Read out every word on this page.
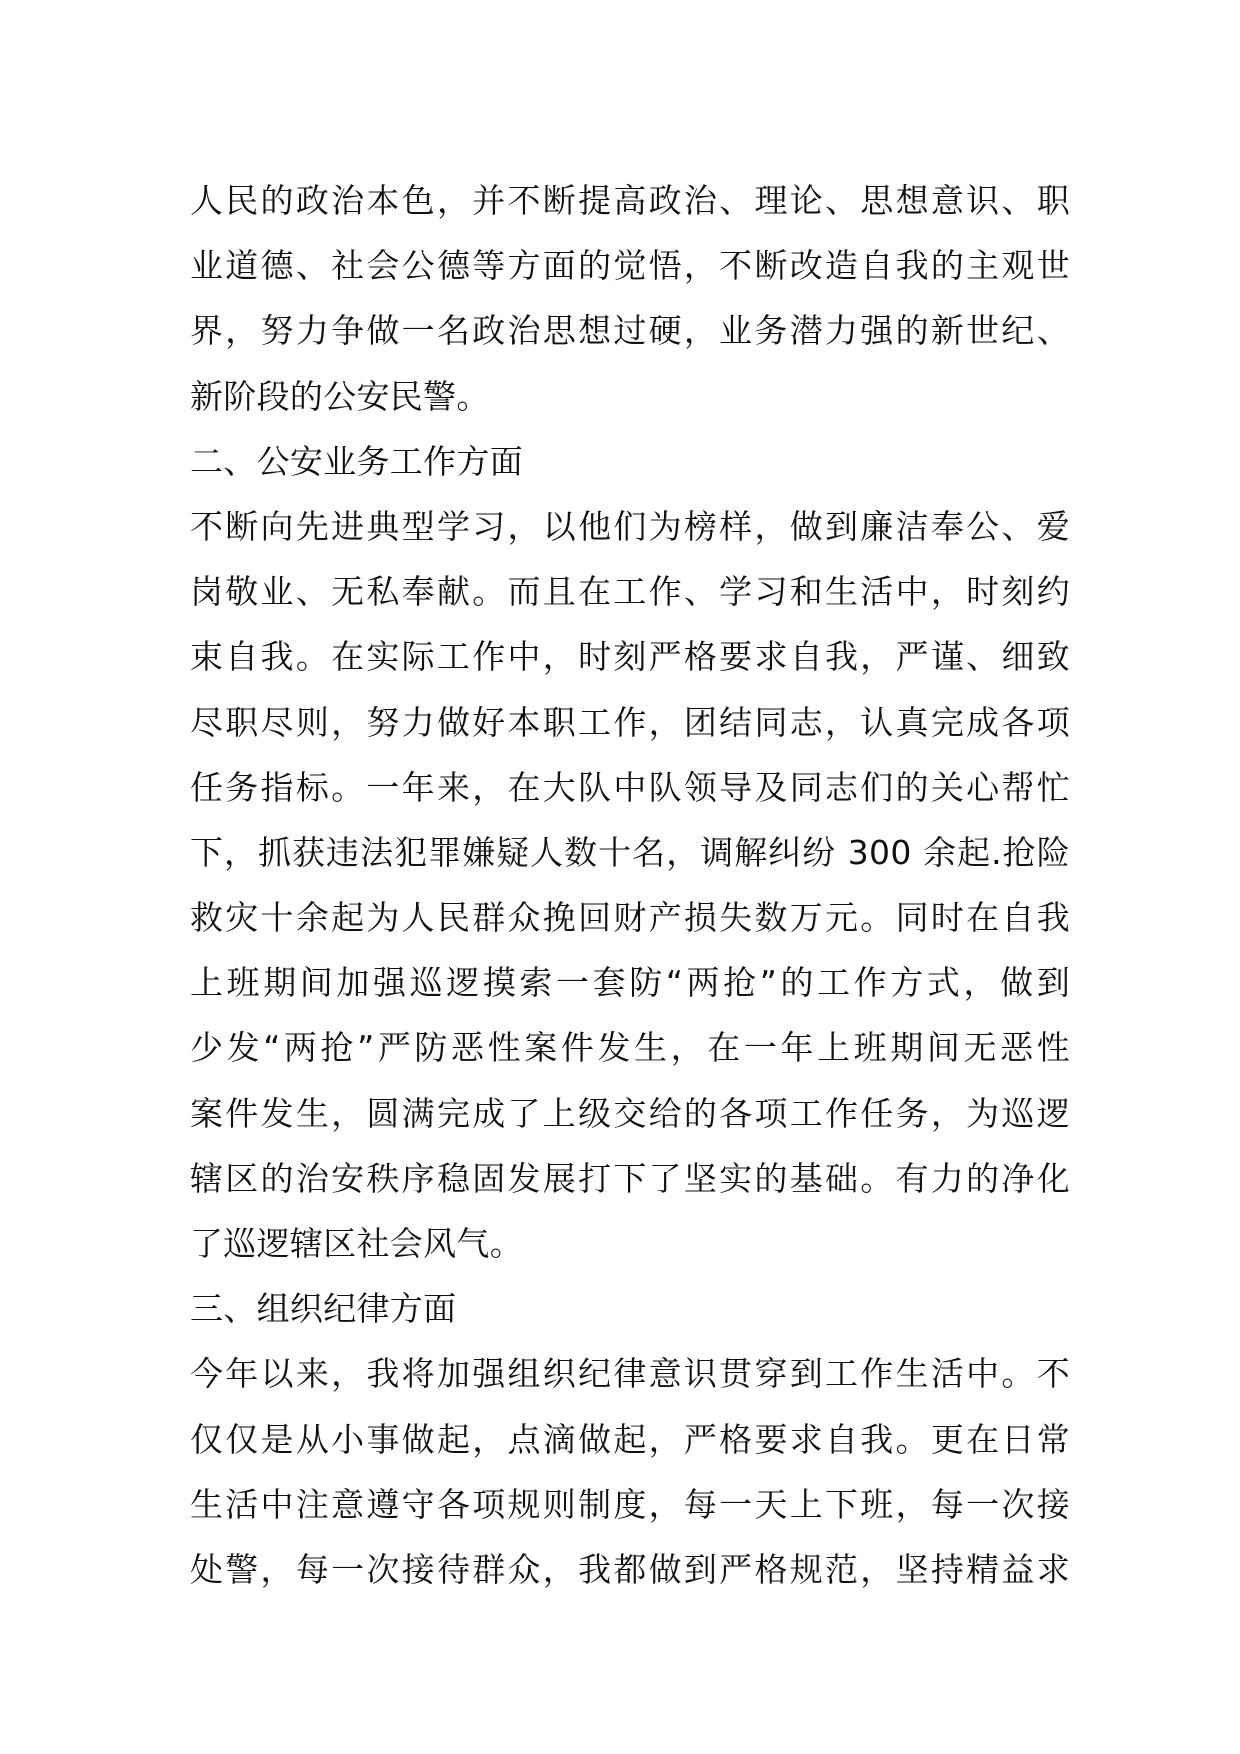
人民的政治本色，并不断提高政治、理论、思想意识、职
业道德、社会公德等方面的觉悟，不断改造自我的主观世
界，努力争做一名政治思想过硬，业务潜力强的新世纪、
新阶段的公安民警。
二、公安业务工作方面
不断向先进典型学习，以他们为榜样，做到廉洁奉公、爱
岗敬业、无私奉献。而且在工作、学习和生活中，时刻约
束自我。在实际工作中，时刻严格要求自我，严谨、细致
尽职尽则，努力做好本职工作，团结同志，认真完成各项
任务指标。一年来，在大队中队领导及同志们的关心帮忙
下，抓获违法犯罪嫌疑人数十名，调解纠纷 300 余起.抢险
救灾十余起为人民群众挽回财产损失数万元。同时在自我
上班期间加强巡逻摸索一套防“两抢”的工作方式，做到
少发“两抢”严防恶性案件发生，在一年上班期间无恶性
案件发生，圆满完成了上级交给的各项工作任务，为巡逻
辖区的治安秩序稳固发展打下了坚实的基础。有力的净化
了巡逻辖区社会风气。
三、组织纪律方面
今年以来，我将加强组织纪律意识贯穿到工作生活中。不
仅仅是从小事做起，点滴做起，严格要求自我。更在日常
生活中注意遵守各项规则制度，每一天上下班，每一次接
处警，每一次接待群众，我都做到严格规范，坚持精益求
